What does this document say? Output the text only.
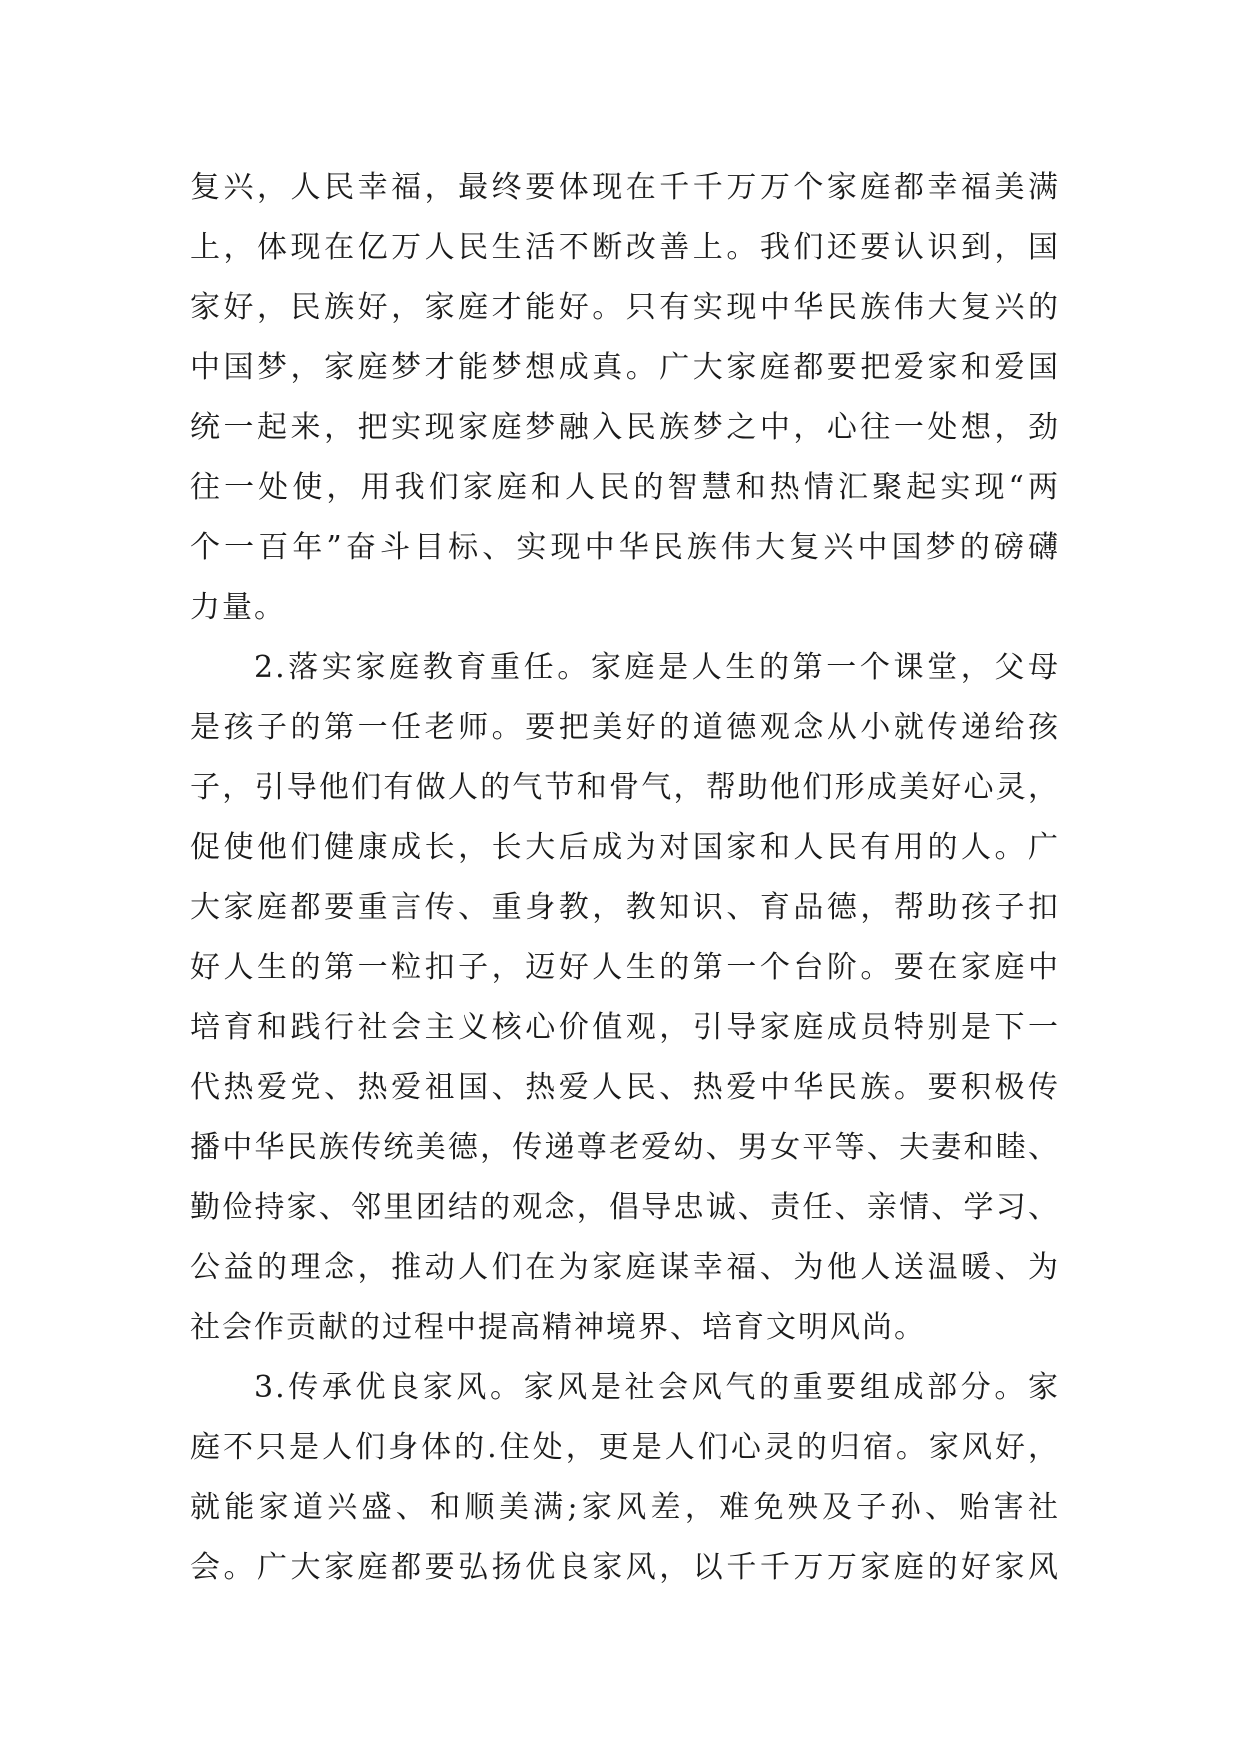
复兴，人民幸福，最终要体现在千千万万个家庭都幸福美满
上，体现在亿万人民生活不断改善上。我们还要认识到，国
家好，民族好，家庭才能好。只有实现中华民族伟大复兴的
中国梦，家庭梦才能梦想成真。广大家庭都要把爱家和爱国
统一起来，把实现家庭梦融入民族梦之中，心往一处想，劲
往一处使，用我们家庭和人民的智慧和热情汇聚起实现“两
个一百年”奋斗目标、实现中华民族伟大复兴中国梦的磅礴
力量。
2.落实家庭教育重任。家庭是人生的第一个课堂，父母
是孩子的第一任老师。要把美好的道德观念从小就传递给孩
子，引导他们有做人的气节和骨气，帮助他们形成美好心灵，
促使他们健康成长，长大后成为对国家和人民有用的人。广
大家庭都要重言传、重身教，教知识、育品德，帮助孩子扣
好人生的第一粒扣子，迈好人生的第一个台阶。要在家庭中
培育和践行社会主义核心价值观，引导家庭成员特别是下一
代热爱党、热爱祖国、热爱人民、热爱中华民族。要积极传
播中华民族传统美德，传递尊老爱幼、男女平等、夫妻和睦、
勤俭持家、邻里团结的观念，倡导忠诚、责任、亲情、学习、
公益的理念，推动人们在为家庭谋幸福、为他人送温暖、为
社会作贡献的过程中提高精神境界、培育文明风尚。
3.传承优良家风。家风是社会风气的重要组成部分。家
庭不只是人们身体的.住处，更是人们心灵的归宿。家风好，
就能家道兴盛、和顺美满;家风差，难免殃及子孙、贻害社
会。广大家庭都要弘扬优良家风，以千千万万家庭的好家风
